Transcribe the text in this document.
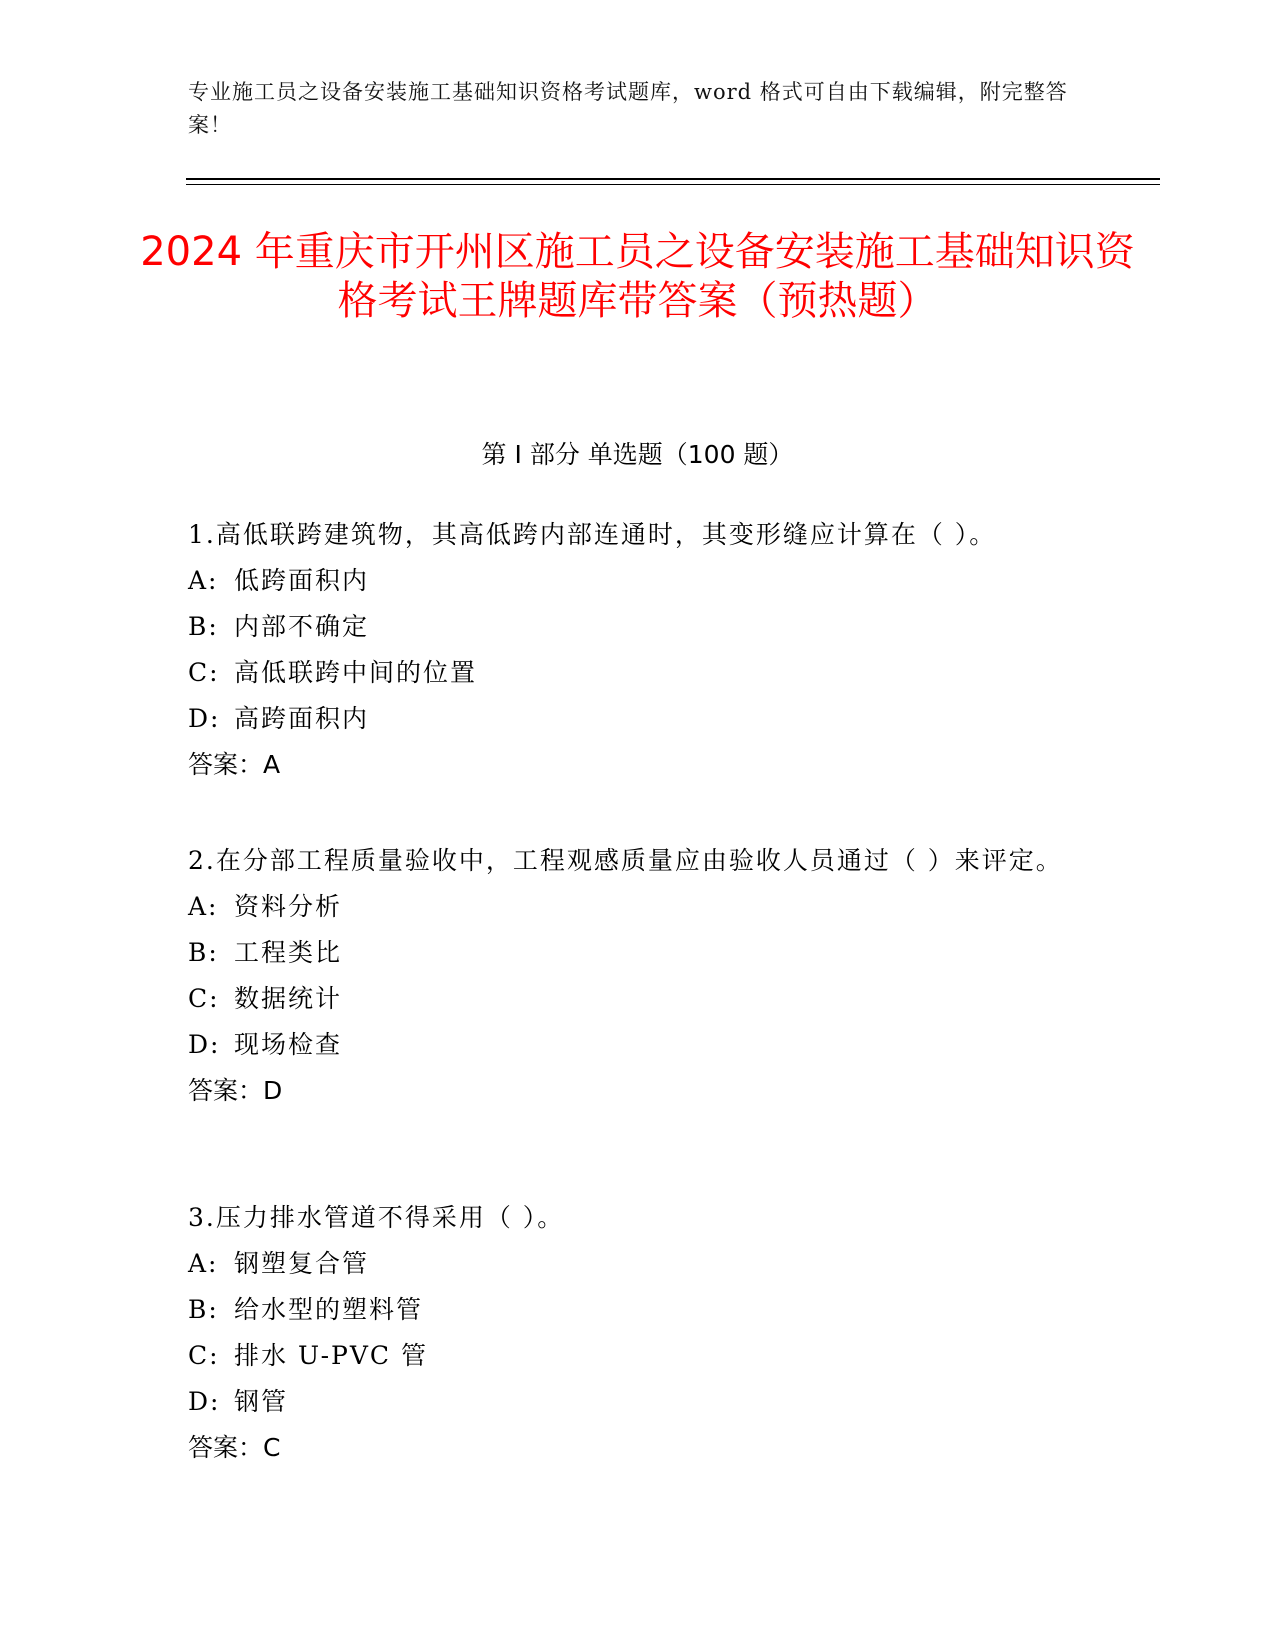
专业施工员之设备安装施工基础知识资格考试题库，word 格式可自由下载编辑，附完整答案！
2024 年重庆市开州区施工员之设备安装施工基础知识资格考试王牌题库带答案（预热题）
第 I 部分 单选题（100 题）
1.高低联跨建筑物，其高低跨内部连通时，其变形缝应计算在（ ）。
A: 低跨面积内
B: 内部不确定
C: 高低联跨中间的位置
D: 高跨面积内
答案：A
2.在分部工程质量验收中，工程观感质量应由验收人员通过（ ）来评定。
A: 资料分析
B: 工程类比
C: 数据统计
D: 现场检查
答案：D
3.压力排水管道不得采用（ ）。
A: 钢塑复合管
B: 给水型的塑料管
C: 排水 U-PVC 管
D: 钢管
答案：C
